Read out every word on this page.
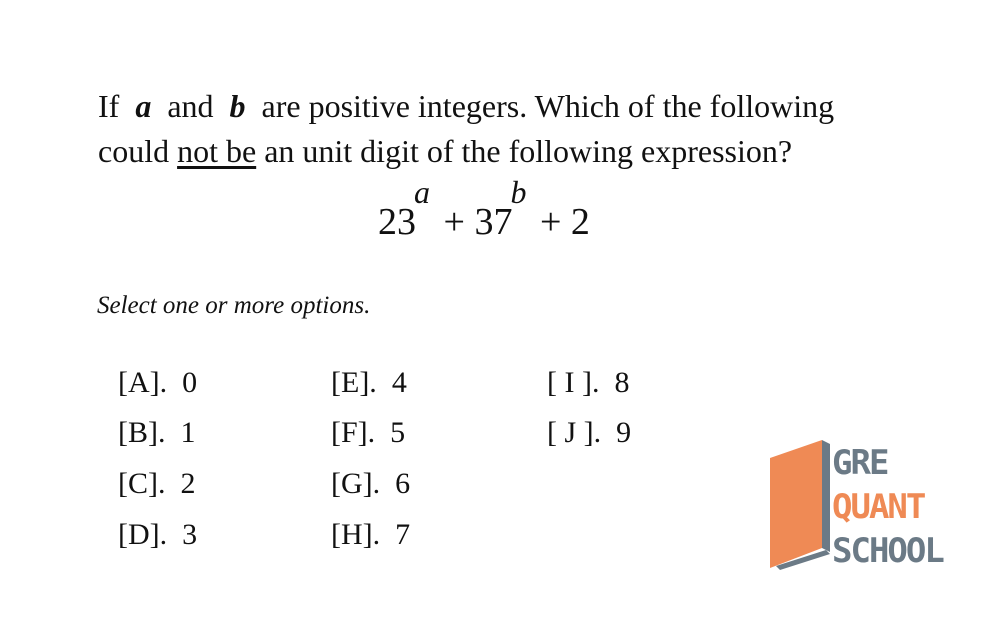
If a and b are positive integers. Which of the following
could not be an unit digit of the following expression?
23
a
+ 37
b
+ 2
Select one or more options.
[A]. 0
[B]. 1
[C]. 2
[D]. 3
[E]. 4
[F]. 5
[G]. 6
[H]. 7
[ I ]. 8
[ J ]. 9
GRE
QUANT
SCHOOL
